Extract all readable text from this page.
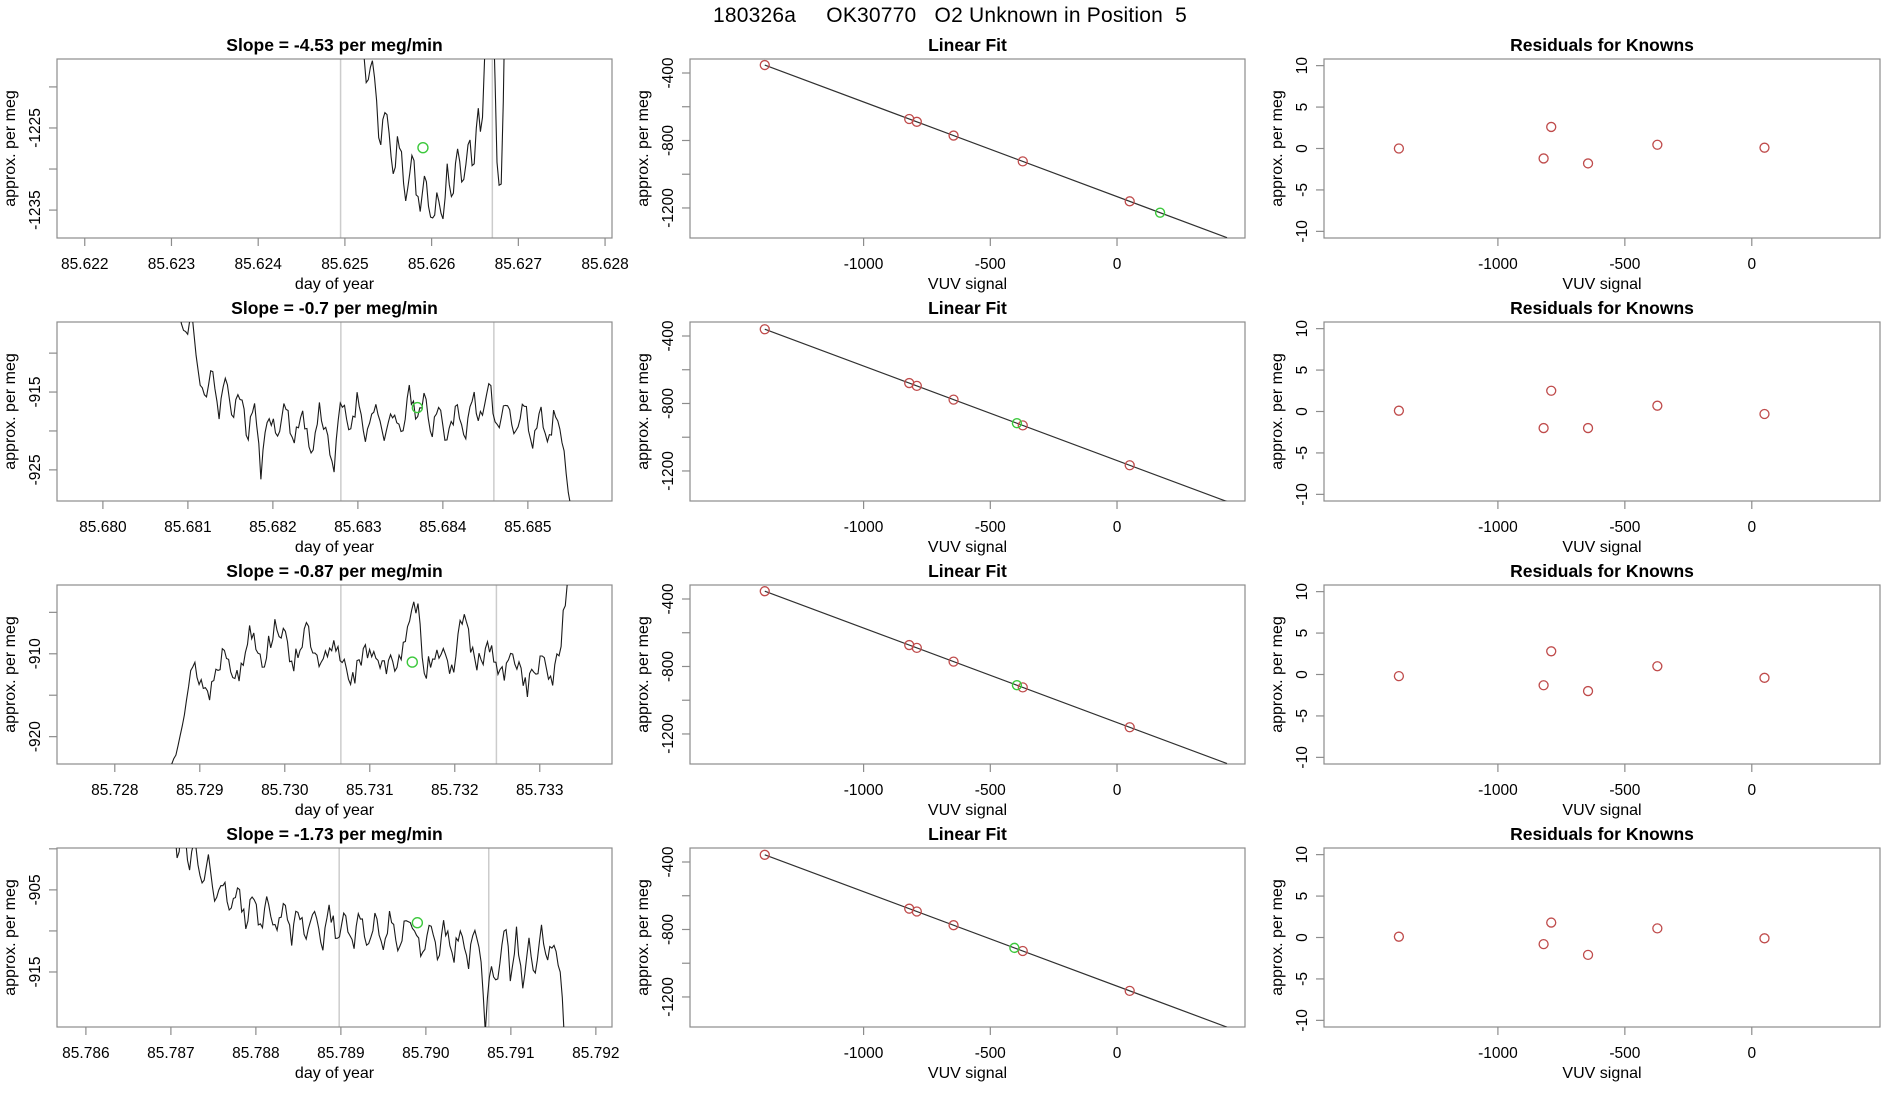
Slope = -4.53 per meg/min
85.622	85.623	85.624	85.625	85.626	85.627	85.628
-1225
-1235
day of year
approx. per meg
Linear Fit
-1000	-500	0
-400
-800
-1200
VUV signal
approx. per meg
Residuals for Knowns
-1000	-500	0
-10
-5
0
5
10
VUV signal
approx. per meg
Slope = -0.7 per meg/min
85.680 85.681 85.682 85.683 85.684 85.685
-915
-925
day of year
approx. per meg
Linear Fit
-1000	-500	0
-400
-800
-1200
VUV signal
approx. per meg
Residuals for Knowns
-1000	-500	0
-10
-5
0
5
10
VUV signal
approx. per meg
Slope = -0.87 per meg/min
85.728 85.729 85.730 85.731 85.732 85.733
-910
-920
day of year
approx. per meg
Linear Fit
-1000	-500	0
-400
-800
-1200
VUV signal
approx. per meg
Residuals for Knowns
-1000	-500	0
-10
-5
0
5
10
VUV signal
approx. per meg
Slope = -1.73 per meg/min
85.786 85.787 85.788 85.789 85.790 85.791 85.792
-905
-915
day of year
approx. per meg
Linear Fit
-1000	-500	0
-400
-800
-1200
VUV signal
approx. per meg
Residuals for Knowns
-1000	-500	0
-10
-5
0
5
10
VUV signal
approx. per meg
180326a     OK30770   O2 Unknown in Position  5
